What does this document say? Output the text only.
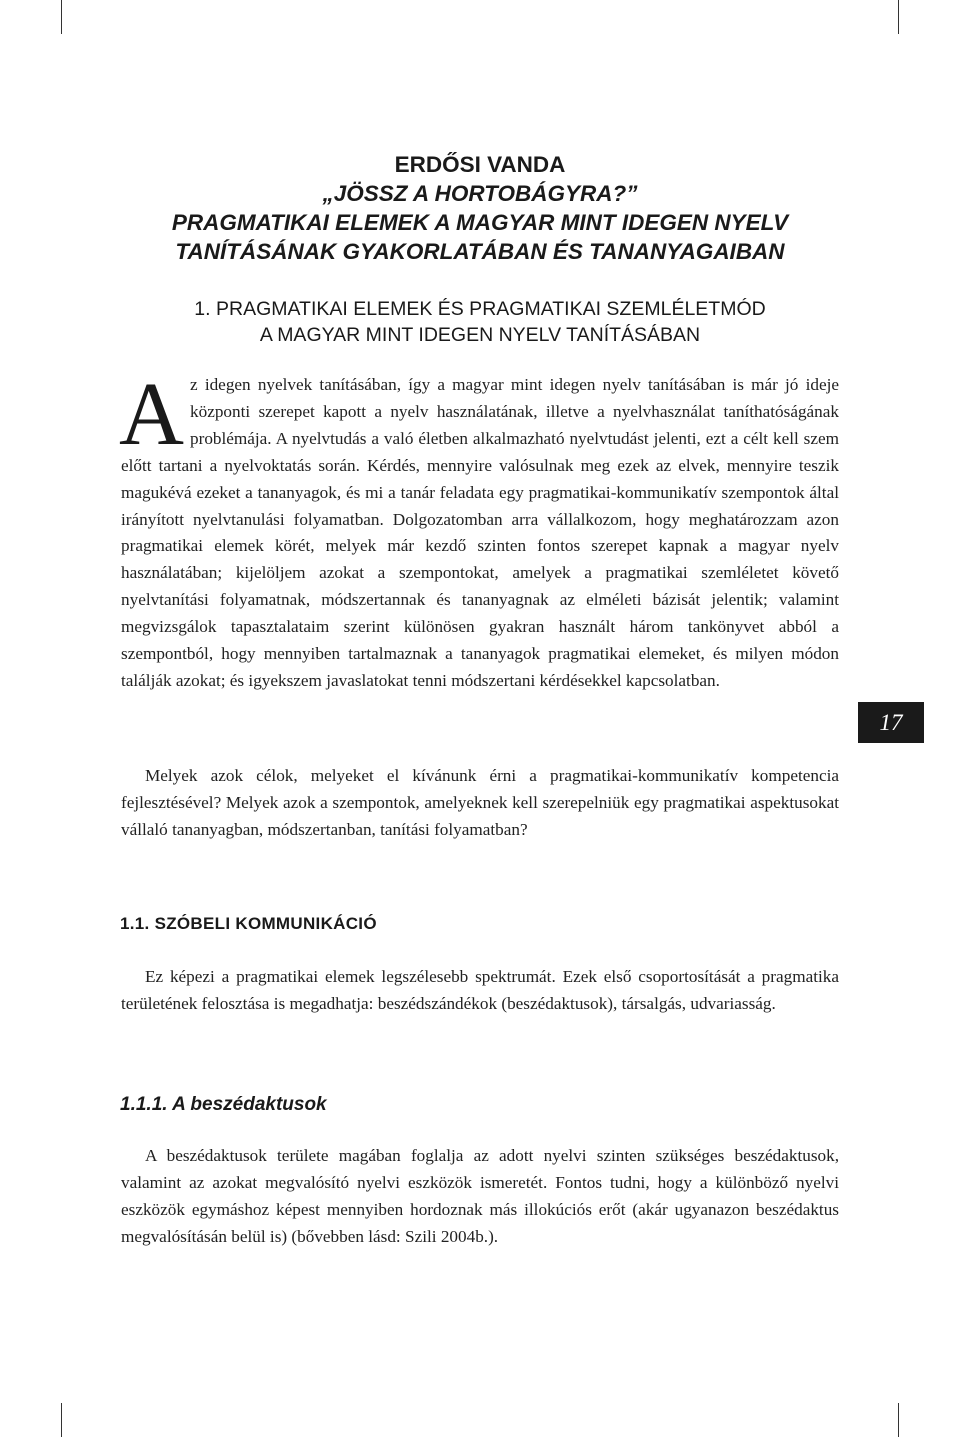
ERDŐSI VANDA
„JÖSSZ A HORTOBÁGYRA?”
PRAGMATIKAI ELEMEK A MAGYAR MINT IDEGEN NYELV
TANÍTÁSÁNAK GYAKORLATÁBAN ÉS TANANYAGAIBAN
1. PRAGMATIKAI ELEMEK ÉS PRAGMATIKAI SZEMLÉLETMÓD
A MAGYAR MINT IDEGEN NYELV TANÍTÁSÁBAN

Az idegen nyelvek tanításában, így a magyar mint idegen nyelv tanításában is már jó ideje központi szerepet kapott a nyelv használatának, illetve a nyelvhasználat taníthatóságának problémája. A nyelvtudás a való életben alkalmazható nyelvtudást jelenti, ezt a célt kell szem előtt tartani a nyelvoktatás során. Kérdés, mennyire valósulnak meg ezek az elvek, mennyire teszik magukévá ezeket a tananyagok, és mi a tanár feladata egy pragmatikai-kommunikatív szempontok által irányított nyelvtanulási folyamatban. Dolgozatomban arra vállalkozom, hogy meghatározzam azon pragmatikai elemek körét, melyek már kezdő szinten fontos szerepet kapnak a magyar nyelv használatában; kijelöljem azokat a szempontokat, amelyek a pragmatikai szemléletet követő nyelvtanítási folyamatnak, módszertannak és tananyagnak az elméleti bázisát jelentik; valamint megvizsgálok tapasztalataim szerint különösen gyakran használt három tankönyvet abból a szempontból, hogy mennyiben tartalmaznak a tananyagok pragmatikai elemeket, és milyen módon találják azokat; és igyekszem javaslatokat tenni módszertani kérdésekkel kapcsolatban.

Melyek azok célok, melyeket el kívánunk érni a pragmatikai-kommunikatív kompetencia fejlesztésével? Melyek azok a szempontok, amelyeknek kell szerepelniük egy pragmatikai aspektusokat vállaló tananyagban, módszertanban, tanítási folyamatban?

1.1. SZÓBELI KOMMUNIKÁCIÓ

Ez képezi a pragmatikai elemek legszélesebb spektrumát. Ezek első csoportosítását a pragmatika területének felosztása is megadhatja: beszédszándékok (beszédaktusok), társalgás, udvariasság.

1.1.1. A beszédaktusok

A beszédaktusok területe magában foglalja az adott nyelvi szinten szükséges beszédaktusok, valamint az azokat megvalósító nyelvi eszközök ismeretét. Fontos tudni, hogy a különböző nyelvi eszközök egymáshoz képest mennyiben hordoznak más illokúciós erőt (akár ugyanazon beszédaktus megvalósításán belül is) (bővebben lásd: Szili 2004b.).

17
